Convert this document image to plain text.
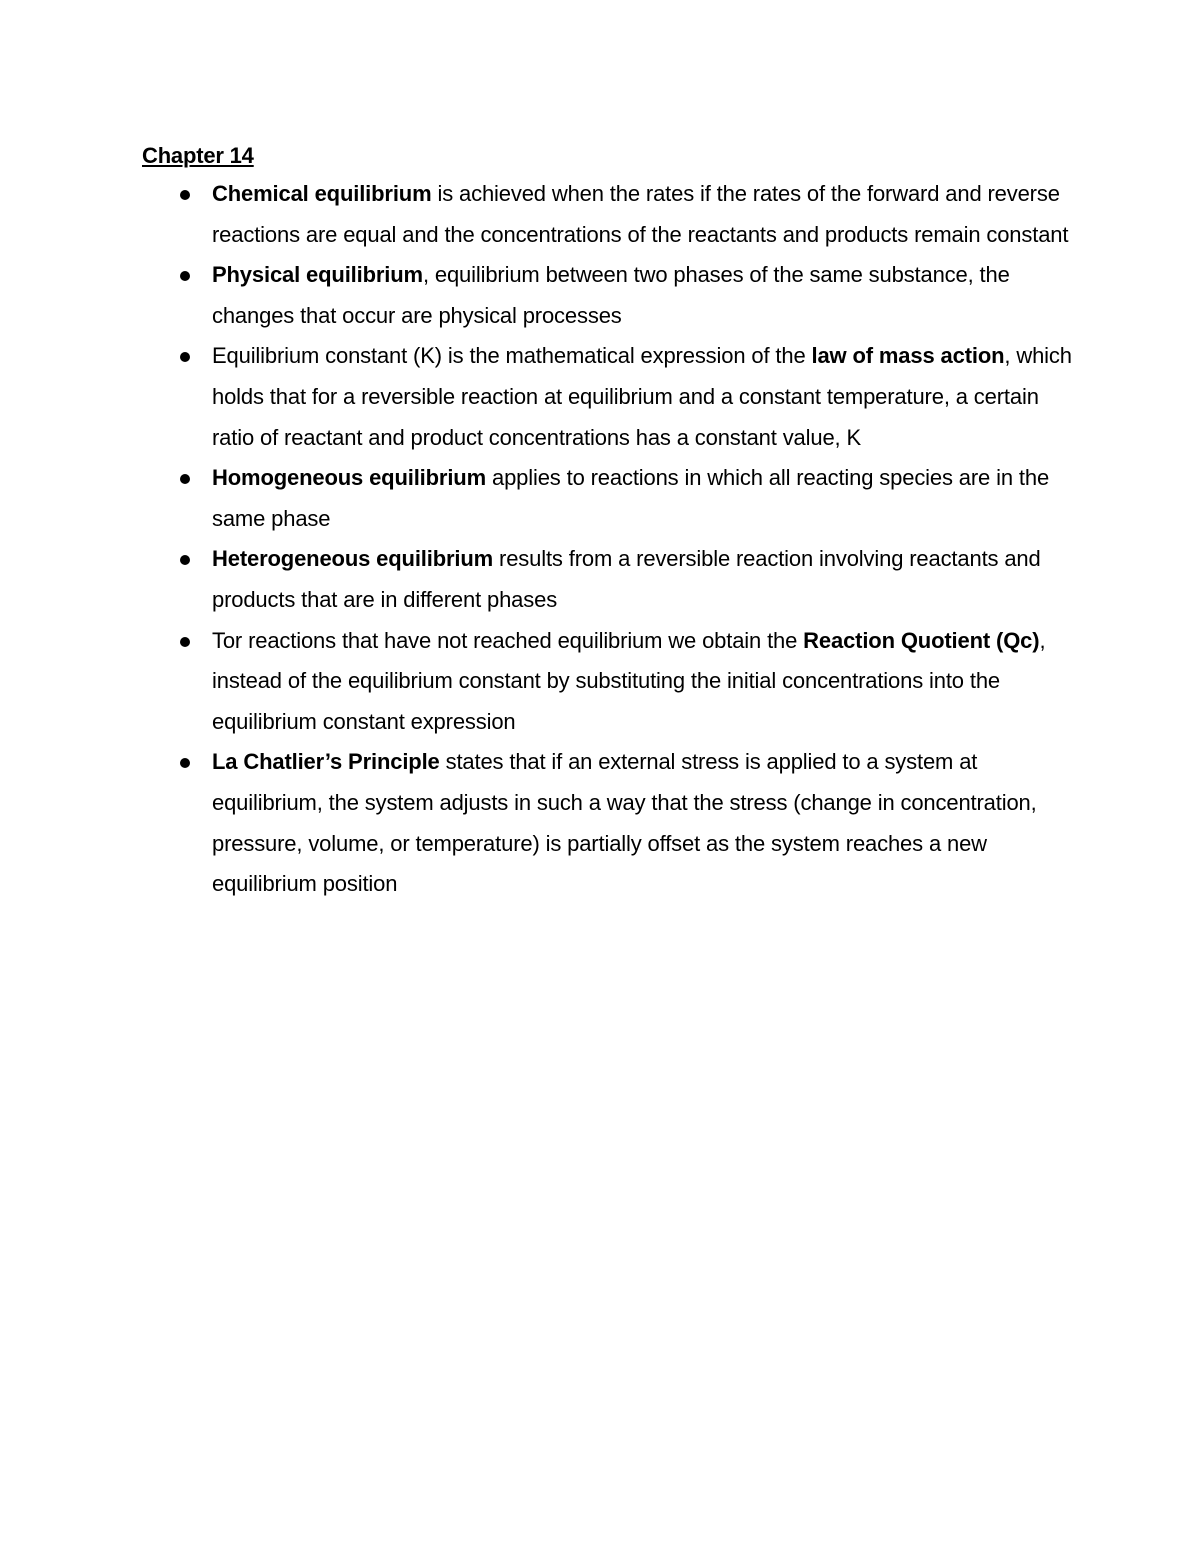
Chapter 14
Chemical equilibrium is achieved when the rates if the rates of the forward and reverse reactions are equal and the concentrations of the reactants and products remain constant
Physical equilibrium, equilibrium between two phases of the same substance, the changes that occur are physical processes
Equilibrium constant (K) is the mathematical expression of the law of mass action, which holds that for a reversible reaction at equilibrium and a constant temperature, a certain ratio of reactant and product concentrations has a constant value, K
Homogeneous equilibrium applies to reactions in which all reacting species are in the same phase
Heterogeneous equilibrium results from a reversible reaction involving reactants and products that are in different phases
Tor reactions that have not reached equilibrium we obtain the Reaction Quotient (Qc), instead of the equilibrium constant by substituting the initial concentrations into the equilibrium constant expression
La Chatlier’s Principle states that if an external stress is applied to a system at equilibrium, the system adjusts in such a way that the stress (change in concentration, pressure, volume, or temperature) is partially offset as the system reaches a new equilibrium position
